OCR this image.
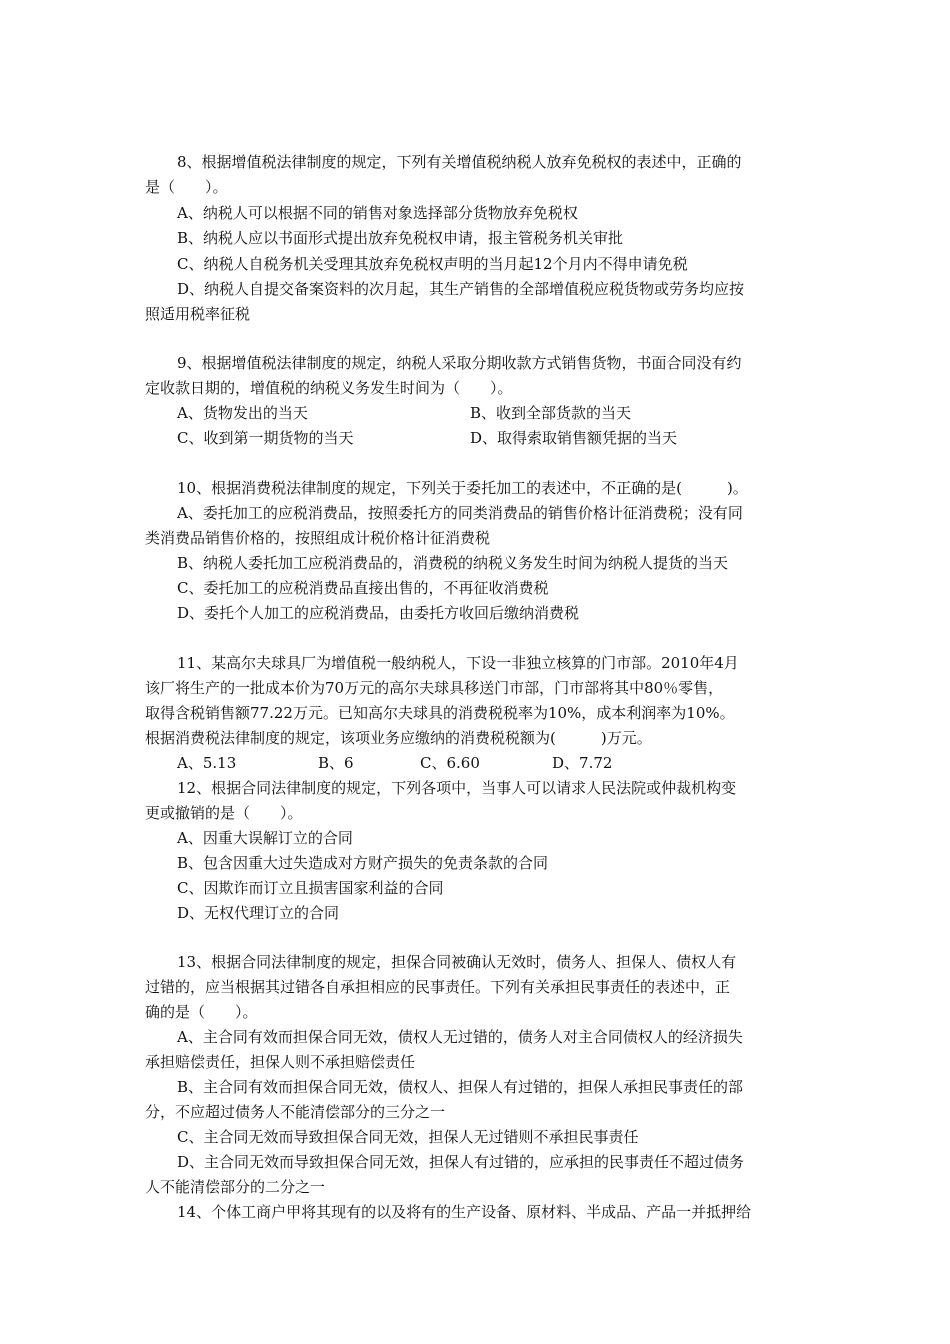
8、根据增值税法律制度的规定，下列有关增值税纳税人放弃免税权的表述中，正确的
是（　　）。
A、纳税人可以根据不同的销售对象选择部分货物放弃免税权
B、纳税人应以书面形式提出放弃免税权申请，报主管税务机关审批
C、纳税人自税务机关受理其放弃免税权声明的当月起12个月内不得申请免税
D、纳税人自提交备案资料的次月起，其生产销售的全部增值税应税货物或劳务均应按
照适用税率征税
9、根据增值税法律制度的规定，纳税人采取分期收款方式销售货物，书面合同没有约
定收款日期的，增值税的纳税义务发生时间为（　　）。
A、货物发出的当天	B、收到全部货款的当天
C、收到第一期货物的当天	D、取得索取销售额凭据的当天
10、根据消费税法律制度的规定，下列关于委托加工的表述中，不正确的是(　　　)。
A、委托加工的应税消费品，按照委托方的同类消费品的销售价格计征消费税；没有同
类消费品销售价格的，按照组成计税价格计征消费税
B、纳税人委托加工应税消费品的，消费税的纳税义务发生时间为纳税人提货的当天
C、委托加工的应税消费品直接出售的，不再征收消费税
D、委托个人加工的应税消费品，由委托方收回后缴纳消费税
11、某高尔夫球具厂为增值税一般纳税人，下设一非独立核算的门市部。2010年4月
该厂将生产的一批成本价为70万元的高尔夫球具移送门市部，门市部将其中80％零售，
取得含税销售额77.22万元。已知高尔夫球具的消费税税率为10%，成本利润率为10%。
根据消费税法律制度的规定，该项业务应缴纳的消费税税额为(　　　)万元。
A、5.13	B、6	C、6.60	D、7.72
12、根据合同法律制度的规定，下列各项中，当事人可以请求人民法院或仲裁机构变
更或撤销的是（　　）。
A、因重大误解订立的合同
B、包含因重大过失造成对方财产损失的免责条款的合同
C、因欺诈而订立且损害国家利益的合同
D、无权代理订立的合同
13、根据合同法律制度的规定，担保合同被确认无效时，债务人、担保人、债权人有
过错的，应当根据其过错各自承担相应的民事责任。下列有关承担民事责任的表述中，正
确的是（　　）。
A、主合同有效而担保合同无效，债权人无过错的，债务人对主合同债权人的经济损失
承担赔偿责任，担保人则不承担赔偿责任
B、主合同有效而担保合同无效，债权人、担保人有过错的，担保人承担民事责任的部
分，不应超过债务人不能清偿部分的三分之一
C、主合同无效而导致担保合同无效，担保人无过错则不承担民事责任
D、主合同无效而导致担保合同无效，担保人有过错的，应承担的民事责任不超过债务
人不能清偿部分的二分之一
14、个体工商户甲将其现有的以及将有的生产设备、原材料、半成品、产品一并抵押给
